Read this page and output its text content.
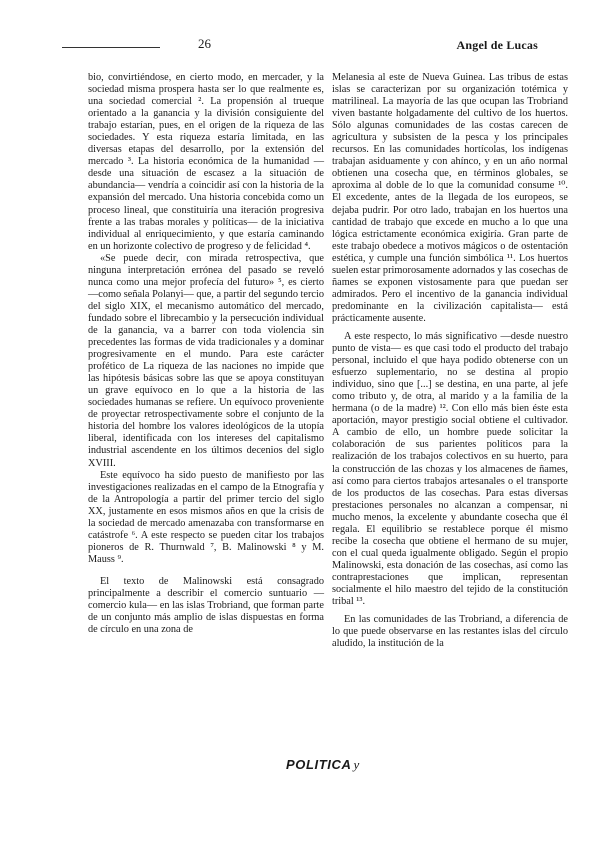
26	Angel de Lucas

bio, convirtiéndose, en cierto modo, en mercader, y la sociedad misma prospera hasta ser lo que realmente es, una sociedad comercial ². La propensión al trueque orientado a la ganancia y la división consiguiente del trabajo estarían, pues, en el origen de la riqueza de las sociedades. Y esta riqueza estaría limitada, en las diversas etapas del desarrollo, por la extensión del mercado ³. La historia económica de la humanidad —desde una situación de escasez a la situación de abundancia— vendría a coincidir así con la historia de la expansión del mercado. Una historia concebida como un proceso lineal, que constituiría una iteración progresiva frente a las trabas morales y políticas— de la iniciativa individual al enriquecimiento, y que estaría caminando en un horizonte colectivo de progreso y de felicidad ⁴.

«Se puede decir, con mirada retrospectiva, que ninguna interpretación errónea del pasado se reveló nunca como una mejor profecía del futuro» ⁵, es cierto —como señala Polanyi— que, a partir del segundo tercio del siglo XIX, el mecanismo automático del mercado, fundado sobre el librecambio y la persecución individual de la ganancia, va a barrer con toda violencia sin precedentes las formas de vida tradicionales y a dominar progresivamente en el mundo. Para este carácter profético de La riqueza de las naciones no impide que las hipótesis básicas sobre las que se apoya constituyan un grave equívoco en lo que a la historia de las sociedades humanas se refiere. Un equívoco proveniente de proyectar retrospectivamente sobre el conjunto de la historia del hombre los valores ideológicos de la utopía liberal, identificada con los intereses del capitalismo industrial ascendente en los últimos decenios del siglo XVIII.

Este equívoco ha sido puesto de manifiesto por las investigaciones realizadas en el campo de la Etnografía y de la Antropología a partir del primer tercio del siglo XX, justamente en esos mismos años en que la crisis de la sociedad de mercado amenazaba con transformarse en catástrofe ⁶. A este respecto se pueden citar los trabajos pioneros de R. Thurnwald ⁷, B. Malinowski ⁸ y M. Mauss ⁹.

El texto de Malinowski está consagrado principalmente a describir el comercio suntuario —comercio kula— en las islas Trobriand, que forman parte de un conjunto más amplio de islas dispuestas en forma de círculo en una zona de

Melanesia al este de Nueva Guinea. Las tribus de estas islas se caracterizan por su organización totémica y matrilineal. La mayoría de las que ocupan las Trobriand viven bastante holgadamente del cultivo de los huertos. Sólo algunas comunidades de las costas carecen de agricultura y subsisten de la pesca y los principales recursos. En las comunidades hortícolas, los indígenas trabajan asiduamente y con ahínco, y en un año normal obtienen una cosecha que, en términos globales, se aproxima al doble de lo que la comunidad consume ¹⁰. El excedente, antes de la llegada de los europeos, se dejaba pudrir. Por otro lado, trabajan en los huertos una cantidad de trabajo que excede en mucho a lo que una lógica estrictamente económica exigiría. Gran parte de este trabajo obedece a motivos mágicos o de ostentación estética, y cumple una función simbólica ¹¹. Los huertos suelen estar primorosamente adornados y las cosechas de ñames se exponen vistosamente para que puedan ser admirados. Pero el incentivo de la ganancia individual predominante en la civilización capitalista— está prácticamente ausente.

A este respecto, lo más significativo —desde nuestro punto de vista— es que casi todo el producto del trabajo personal, incluido el que haya podido obtenerse con un esfuerzo suplementario, no se destina al propio individuo, sino que [...] se destina, en una parte, al jefe como tributo y, de otra, al marido y a la familia de la hermana (o de la madre) ¹². Con ello más bien éste esta aportación, mayor prestigio social obtiene el cultivador. A cambio de ello, un hombre puede solicitar la colaboración de sus parientes políticos para la realización de los trabajos colectivos en su huerto, para la construcción de las chozas y los almacenes de ñames, así como para ciertos trabajos artesanales o el transporte de los productos de las cosechas. Para estas diversas prestaciones personales no alcanzan a compensar, ni mucho menos, la excelente y abundante cosecha que él regala. El equilibrio se restablece porque él mismo recibe la cosecha que obtiene el hermano de su mujer, con el cual queda igualmente obligado. Según el propio Malinowski, esta donación de las cosechas, así como las contraprestaciones que implican, representan socialmente el hilo maestro del tejido de la constitución tribal ¹³.

En las comunidades de las Trobriand, a diferencia de lo que puede observarse en las restantes islas del círculo aludido, la institución de la

POLITICA y
